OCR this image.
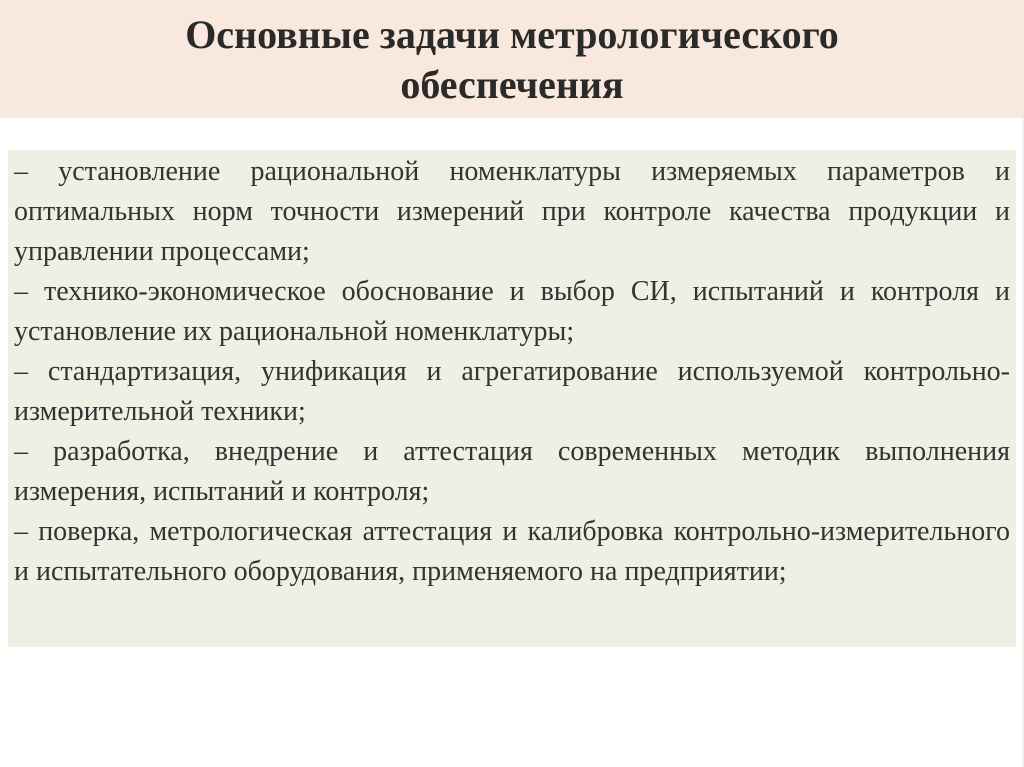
Основные задачи метрологического
обеспечения
– установление рациональной номенклатуры измеряемых параметров и оптимальных норм точности измерений при контроле качества продукции и управлении процессами;
– технико-экономическое обоснование и выбор СИ, испытаний и контроля и установление их рациональной номенклатуры;
– стандартизация, унификация и агрегатирование используемой контрольно-измерительной техники;
– разработка, внедрение и аттестация современных методик выполнения измерения, испытаний и контроля;
– поверка, метрологическая аттестация и калибровка контрольно-измерительного и испытательного оборудования, применяемого на предприятии;
